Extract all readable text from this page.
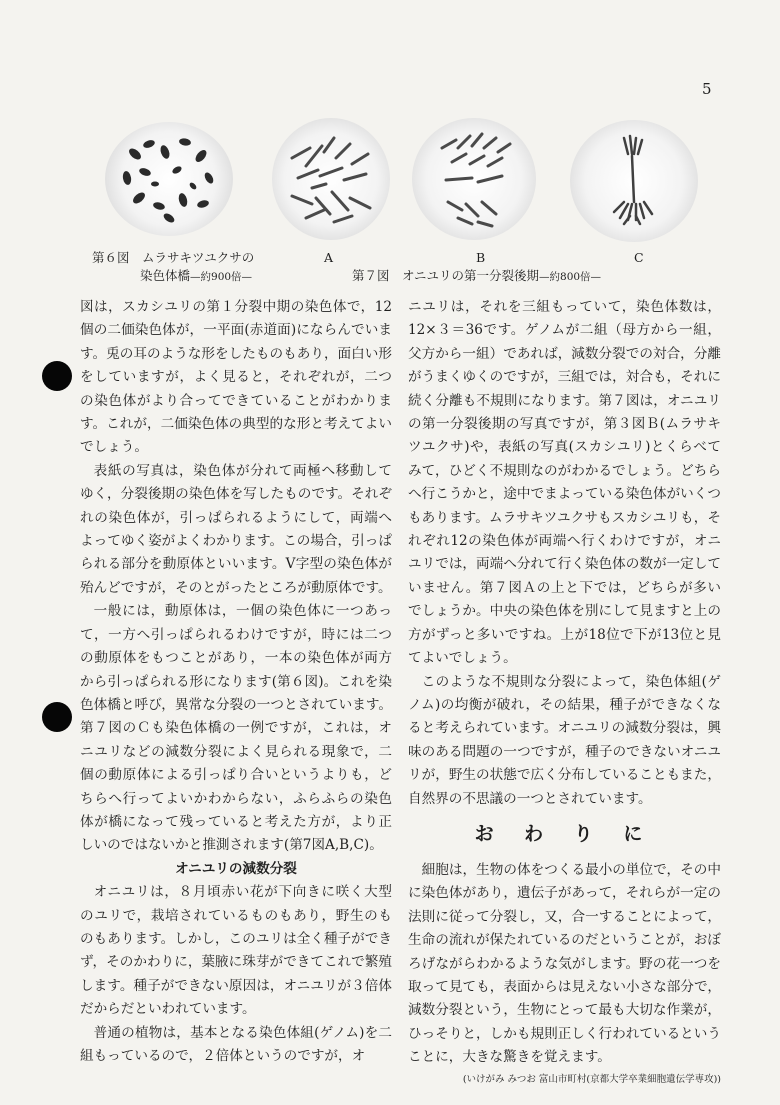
5
第６図　ムラサキツユクサの
染色体橋—約900倍—
A	B	C
第７図　オニユリの第一分裂後期—約800倍—

図は，スカシユリの第１分裂中期の染色体で，12個の二価染色体が，一平面(赤道面)にならんでいます。兎の耳のような形をしたものもあり，面白い形をしていますが，よく見ると，それぞれが，二つの染色体がより合ってできていることがわかります。これが，二価染色体の典型的な形と考えてよいでしょう。

表紙の写真は，染色体が分れて両極へ移動してゆく，分裂後期の染色体を写したものです。それぞれの染色体が，引っぱられるようにして，両端へよってゆく姿がよくわかります。この場合，引っぱられる部分を動原体といいます。V字型の染色体が殆んどですが，そのとがったところが動原体です。

一般には，動原体は，一個の染色体に一つあって，一方へ引っぱられるわけですが，時には二つの動原体をもつことがあり，一本の染色体が両方から引っぱられる形になります(第６図)。これを染色体橋と呼び，異常な分裂の一つとされています。第７図のＣも染色体橋の一例ですが，これは，オニユリなどの減数分裂によく見られる現象で，二個の動原体による引っぱり合いというよりも，どちらへ行ってよいかわからない，ふらふらの染色体が橋になって残っていると考えた方が，より正しいのではないかと推測されます(第7図A,B,C)。

オニユリの減数分裂

オニユリは，８月頃赤い花が下向きに咲く大型のユリで，栽培されているものもあり，野生のものもあります。しかし，このユリは全く種子ができず，そのかわりに，葉腋に珠芽ができてこれで繁殖します。種子ができない原因は，オニユリが３倍体だからだといわれています。

普通の植物は，基本となる染色体組(ゲノム)を二組もっているので，２倍体というのですが，オ

ニユリは，それを三組もっていて，染色体数は，12×３＝36です。ゲノムが二組（母方から一組，父方から一組）であれば，減数分裂での対合，分離がうまくゆくのですが，三組では，対合も，それに続く分離も不規則になります。第７図は，オニユリの第一分裂後期の写真ですが，第３図Ｂ(ムラサキツユクサ)や，表紙の写真(スカシユリ)とくらべてみて，ひどく不規則なのがわかるでしょう。どちらへ行こうかと，途中でまよっている染色体がいくつもあります。ムラサキツユクサもスカシユリも，それぞれ12の染色体が両端へ行くわけですが，オニユリでは，両端へ分れて行く染色体の数が一定していません。第７図Ａの上と下では，どちらが多いでしょうか。中央の染色体を別にして見ますと上の方がずっと多いですね。上が18位で下が13位と見てよいでしょう。

このような不規則な分裂によって，染色体組(ゲノム)の均衡が破れ，その結果，種子ができなくなると考えられています。オニユリの減数分裂は，興味のある問題の一つですが，種子のできないオニユリが，野生の状態で広く分布していることもまた，自然界の不思議の一つとされています。

お わ り に

細胞は，生物の体をつくる最小の単位で，その中に染色体があり，遺伝子があって，それらが一定の法則に従って分裂し，又，合一することによって，生命の流れが保たれているのだということが，おぼろげながらわかるような気がします。野の花一つを取って見ても，表面からは見えない小さな部分で，減数分裂という，生物にとって最も大切な作業が，ひっそりと，しかも規則正しく行われているということに，大きな驚きを覚えます。

(いけがみ みつお 富山市町村(京都大学卒業細胞遺伝学専攻))
